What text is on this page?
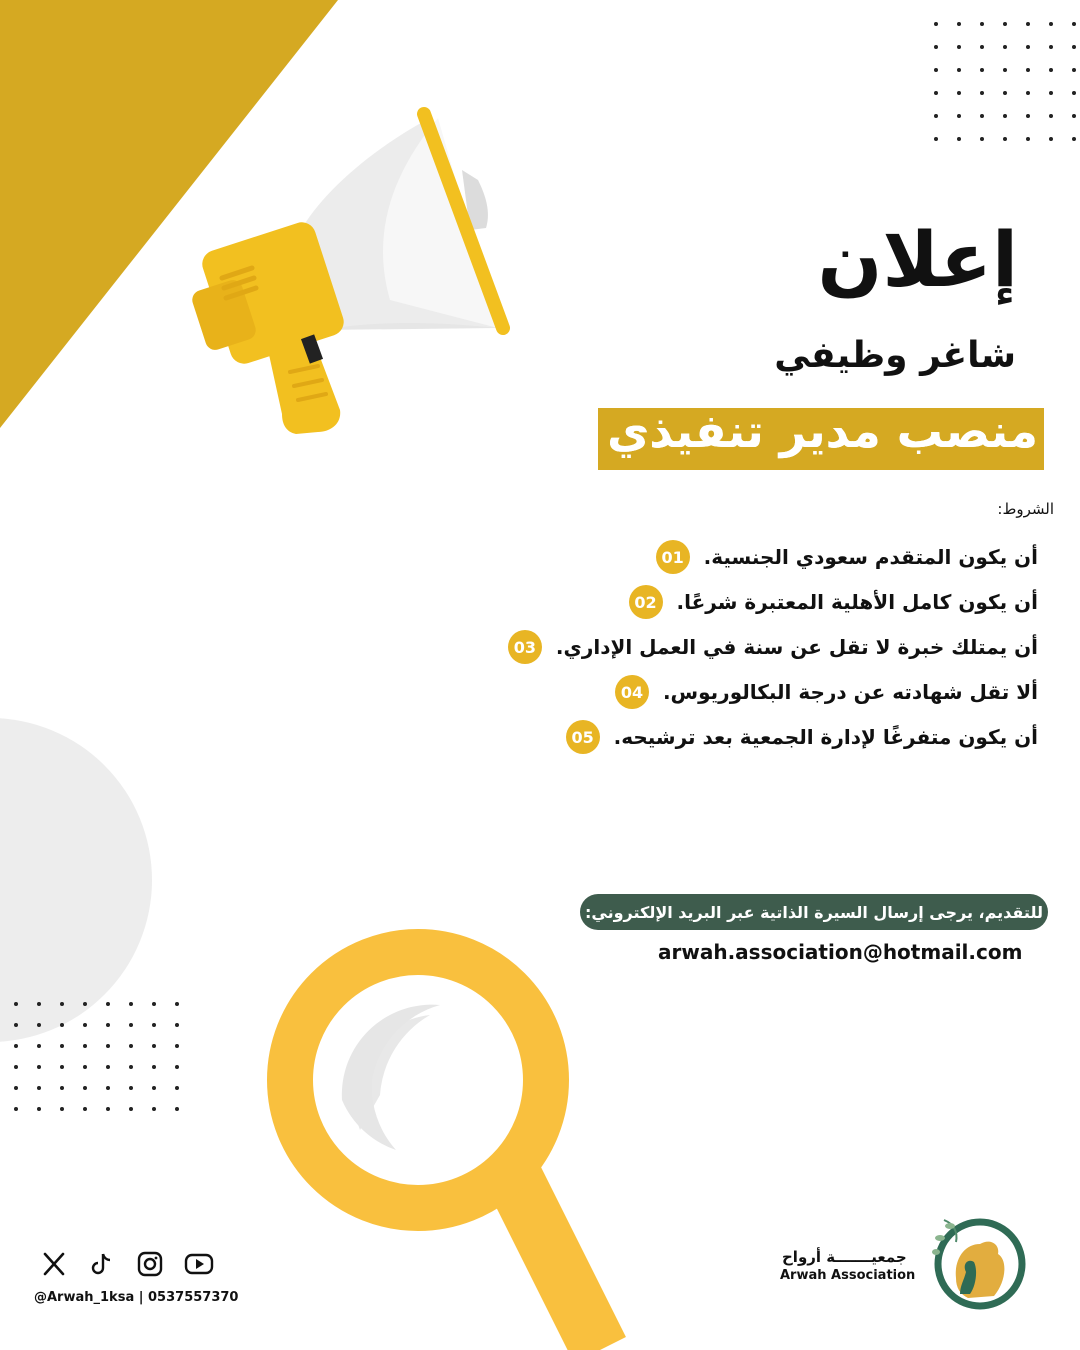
إعلان
شاغر وظيفي
منصب مدير تنفيذي
الشروط:
01 أن يكون المتقدم سعودي الجنسية.
02 أن يكون كامل الأهلية المعتبرة شرعًا.
03 أن يمتلك خبرة لا تقل عن سنة في العمل الإداري.
04 ألا تقل شهادته عن درجة البكالوريوس.
05 أن يكون متفرغًا لإدارة الجمعية بعد ترشيحه.
للتقديم، يرجى إرسال السيرة الذاتية عبر البريد الإلكتروني:
arwah.association@hotmail.com
@Arwah_1ksa | 0537557370
جمعيـــــــة أرواح
Arwah Association
